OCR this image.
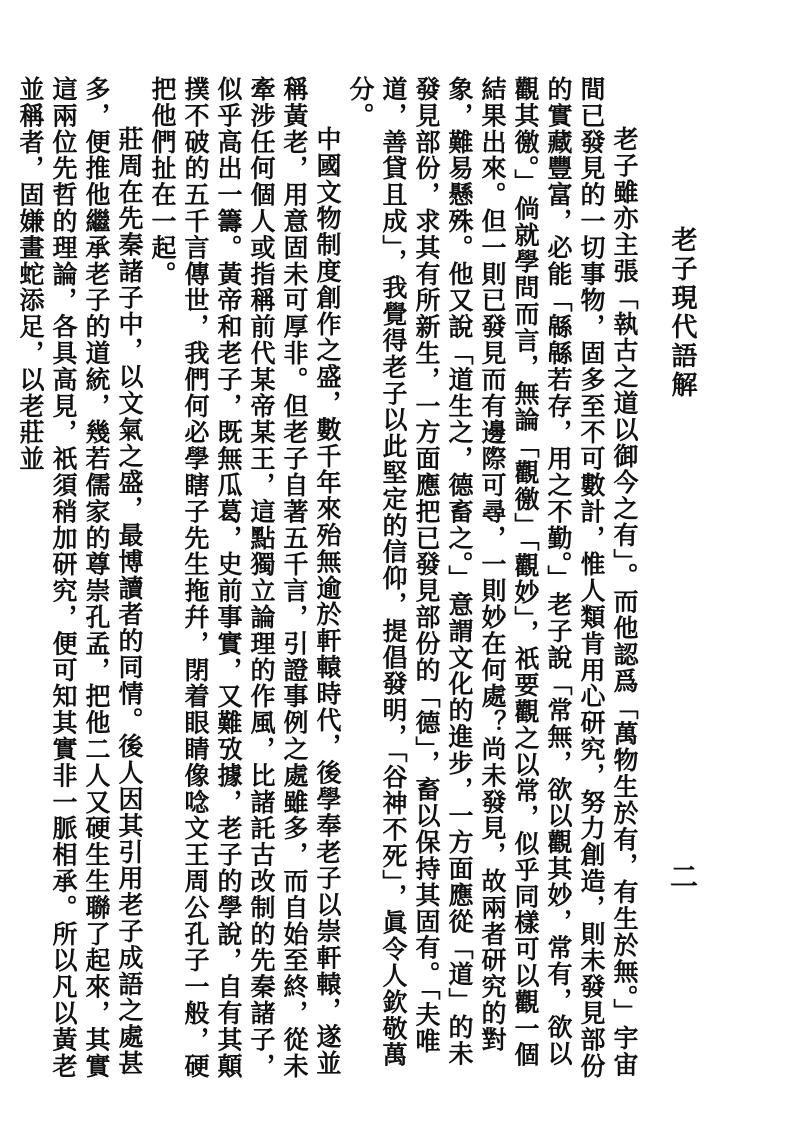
老子現代語解
二

老子雖亦主張「執古之道以御今之有」。而他認爲「萬物生於有，有生於無。」宇宙間已發見的一切事物，固多至不可數計，惟人類肯用心研究，努力創造，則未發見部份的實藏豐富，必能「緜緜若存，用之不勤。」老子說「常無，欲以觀其妙，常有，欲以觀其徼。」倘就學問而言，無論「觀徼」「觀妙」，祇要觀之以常，似乎同樣可以觀一個結果出來。但一則已發見而有邊際可尋，一則妙在何處？尚未發見，故兩者研究的對象，難易懸殊。他又說「道生之，德畜之。」意謂文化的進步，一方面應從「道」的未發見部份，求其有所新生，一方面應把已發見部份的「德」，畜以保持其固有。「夫唯道，善貸且成」，我覺得老子以此堅定的信仰，提倡發明，「谷神不死」，眞令人欽敬萬分。

中國文物制度創作之盛，數千年來殆無逾於軒轅時代，後學奉老子以崇軒轅，遂並稱黃老，用意固未可厚非。但老子自著五千言，引證事例之處雖多，而自始至終，從未牽涉任何個人或指稱前代某帝某王，這點獨立論理的作風，比諸託古改制的先秦諸子，似乎高出一籌。黃帝和老子，既無瓜葛，史前事實，又難攷據，老子的學說，自有其顛撲不破的五千言傳世，我們何必學瞎子先生拖幷，閉着眼睛像唸文王周公孔子一般，硬把他們扯在一起。

莊周在先秦諸子中，以文氣之盛，最博讀者的同情。後人因其引用老子成語之處甚多，便推他繼承老子的道統，幾若儒家的尊崇孔孟，把他二人又硬生生聯了起來，其實這兩位先哲的理論，各具高見，祇須稍加研究，便可知其實非一脈相承。所以凡以黃老並稱者，固嫌畫蛇添足，以老莊並
